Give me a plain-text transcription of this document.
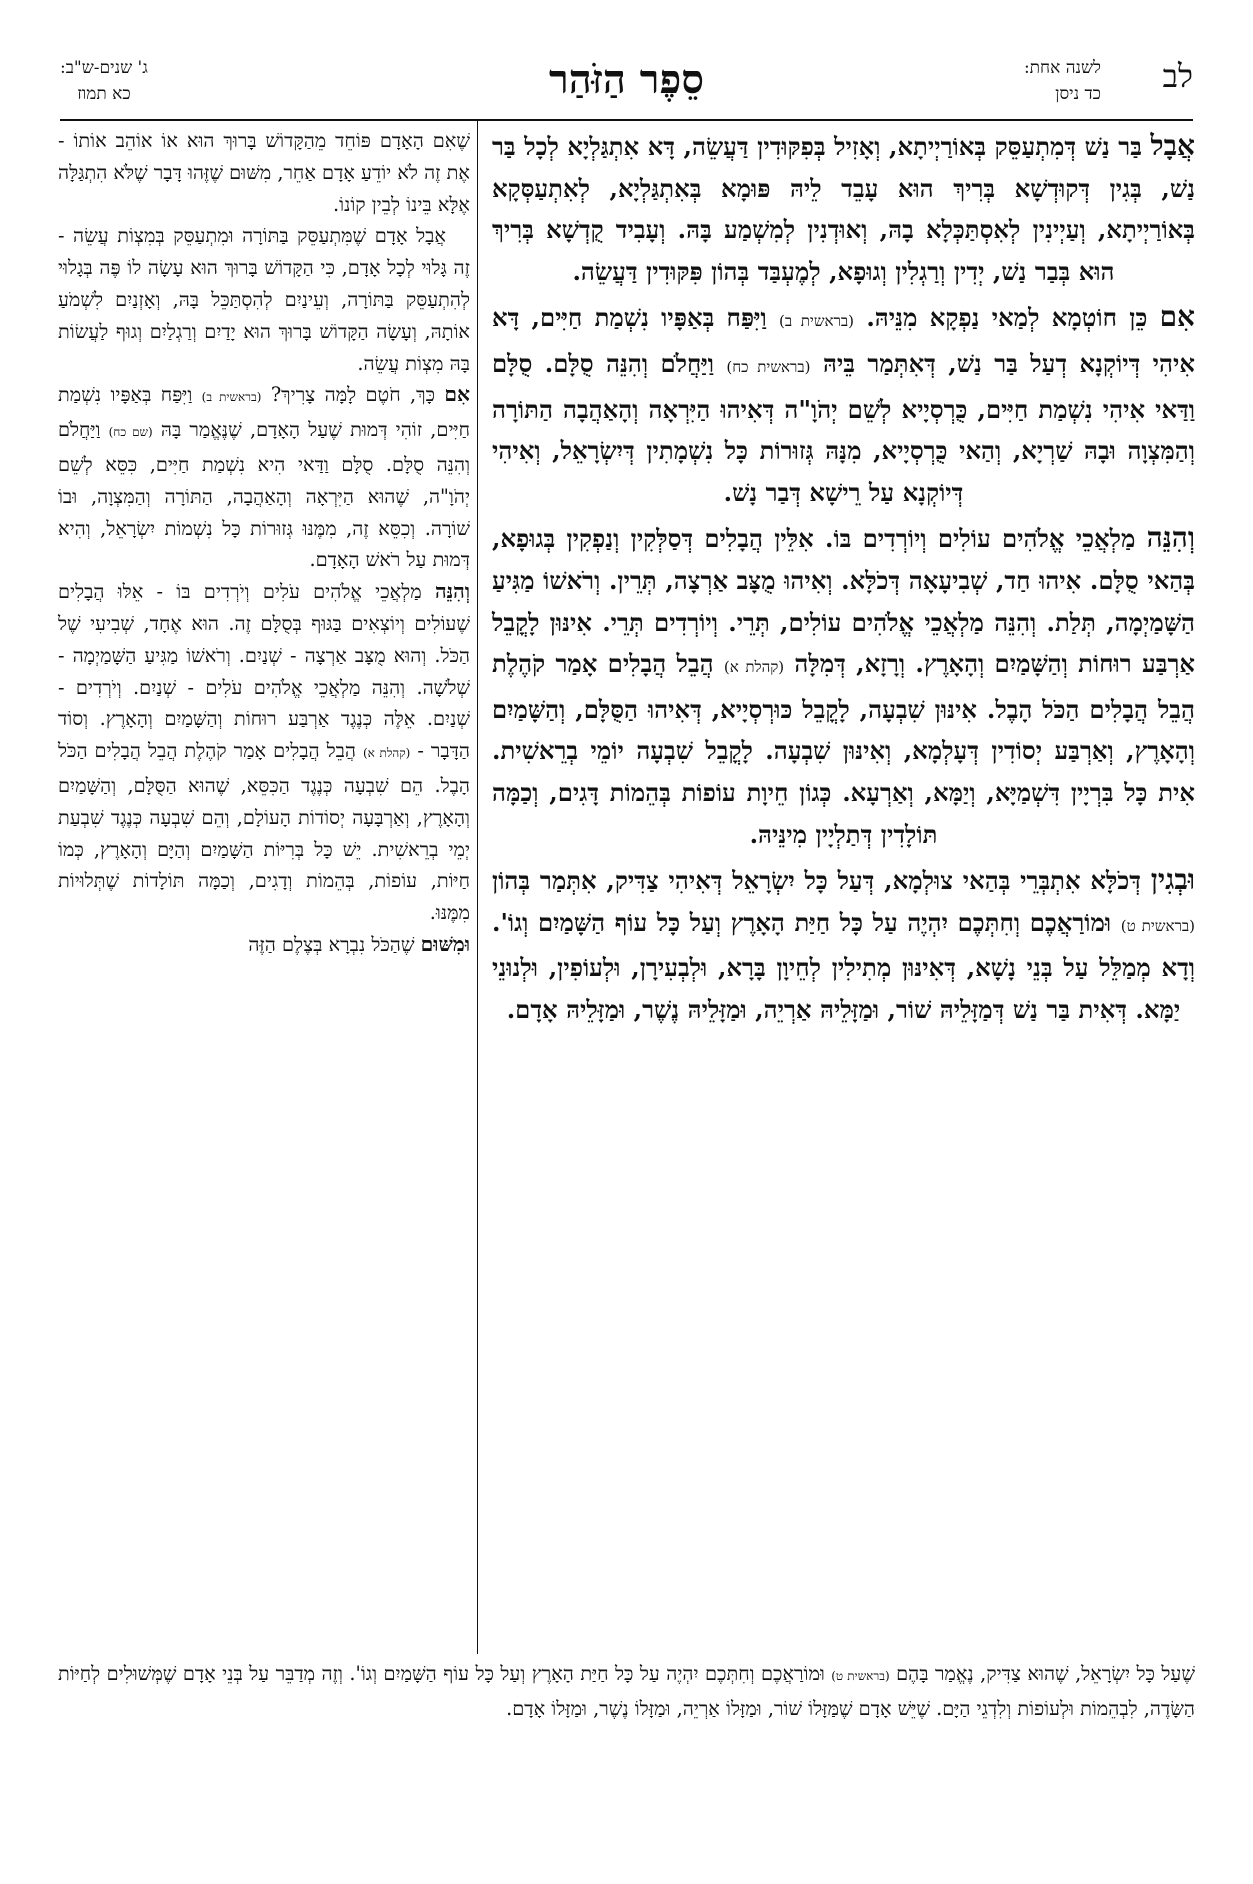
לב
לשנה אחת:
כד ניסן
סֵפֶר הַזֹּהַר
ג' שנים-ש"ב:
כא תמוז

אֲבָל בַּר נַשׁ דְּמִתְעַסֵּק בְּאוֹרַיְיתָא, וְאָזִיל בְּפִקּוּדִין דַּעֲשֵׂה, דָּא אִתְגַּלְיָא לְכָל בַּר נַשׁ, בְּגִין דְּקוּדְשָׁא בְּרִיךְ הוּא עָבֵד לֵיהּ פּוּמָא בְּאִתְגַּלְיָא, לְאִתְעַסְּקָא בְּאוֹרַיְיתָא, וְעַיְינִין לְאִסְתַּכְּלָא בָהּ, וְאוּדְנִין לְמִשְׁמַע בָּהּ. וְעָבִיד קֻדְשָׁא בְּרִיךְ הוּא בְּבַר נַשׁ, יְדִין וְרַגְלִין וְגוּפָא, לְמֶעְבַּד בְּהוֹן פִּקּוּדִין דַּעֲשֵׂה.

אִם כֵּן חוֹטְמָא לְמַאי נַפְקָא מִנֵּיהּ. (בראשית ב) וַיִּפַּח בְּאַפָּיו נִשְׁמַת חַיִּים, דָּא אִיהִי דְּיוֹקְנָא דְעַל בַּר נַשׁ, דְּאִתְּמַר בֵּיהּ (בראשית כח) וַיַּחֲלֹם וְהִנֵּה סֻלָּם. סֻלָּם וַדַּאי אִיהִי נִשְׁמַת חַיִּים, כֻּרְסְיָיא לְשֵׁם יְהֹוָ"ה דְּאִיהוּ הַיִּרְאָה וְהָאַהֲבָה הַתּוֹרָה וְהַמִּצְוָה וּבָהּ שַׁרְיָא, וְהַאי כֻּרְסְיָיא, מִנָּהּ גְּזוּרוֹת כָּל נִשְׁמָתִין דְּיִשְׂרָאֵל, וְאִיהִי דְּיוֹקְנָא עַל רֵישָׁא דְּבַר נָשׁ.

וְהִנֵּה מַלְאֲכֵי אֱלֹהִים עוֹלִים וְיוֹרְדִים בּוֹ. אִלֵּין הֲבָלִים דְּסַלְּקִין וְנַפְקִין בְּגוּפָא, בְּהַאי סֻלָּם. אִיהוּ חַד, שְׁבִיעָאָה דְּכֹלָּא. וְאִיהוּ מֻצָּב אַרְצָה, תְּרֵין. וְרֹאשׁוֹ מַגִּיעַ הַשָּׁמַיְמָה, תְּלַת. וְהִנֵּה מַלְאֲכֵי אֱלֹהִים עוֹלִים, תְּרֵי. וְיוֹרְדִים תְּרֵי. אִינּוּן לָקֳבֵל אַרְבַּע רוּחוֹת וְהַשָּׁמַיִם וְהָאָרֶץ. וְרָזָא, דְּמִלָּה (קהלת א) הֲבֵל הֲבָלִים אָמַר קֹהֶלֶת הֲבֵל הֲבָלִים הַכֹּל הָבֶל. אִינּוּן שִׁבְעָה, לָקֳבֵל כּוּרְסְיָיא, דְּאִיהוּ הַסֻּלָּם, וְהַשָּׁמַיִם וְהָאָרֶץ, וְאַרְבַּע יְסוֹדִין דְּעָלְמָא, וְאִינּוּן שִׁבְעָה. לָקֳבֵל שִׁבְעָה יוֹמֵי בְרֵאשִׁית. אִית כָּל בִּרְיָין דִּשְׁמַיָּא, וְיַמָּא, וְאַרְעָא. כְּגוֹן חֵיוָת עוֹפוֹת בְּהֵמוֹת דָּגִים, וְכַמָּה תּוֹלָדִין דְּתַלְיָין מִינֵּיהּ.

וּבְגִין דְּכֹלָּא אִתְבְּרֵי בְּהַאי צוּלְמָא, דְּעַל כָּל יִשְׂרָאֵל דְּאִיהִי צַדִּיק, אִתְּמַר בְּהוֹן (בראשית ט) וּמוֹרַאֲכֶם וְחִתְּכֶם יִהְיֶה עַל כָּל חַיַּת הָאָרֶץ וְעַל כָּל עוֹף הַשָּׁמַיִם וְגוֹ'. וְדָא מְמַלֵּל עַל בְּנֵי נָשָׁא, דְּאִינּוּן מְתִילִין לְחֵיוָן בָּרָא, וּלְבְעִירָן, וּלְעוֹפִין, וּלְנוּנֵי יַמָּא. דְּאִית בַּר נַשׁ דְּמַזָּלֵיהּ שׁוֹר, וּמַזָּלֵיהּ אַרְיֵה, וּמַזָּלֵיהּ נֶשֶׁר, וּמַזָּלֵיהּ אָדָם.

שֶׁאִם הָאָדָם פּוֹחֵד מֵהַקָּדוֹשׁ בָּרוּךְ הוּא אוֹ אוֹהֵב אוֹתוֹ - אֶת זֶה לֹא יוֹדֵעַ אָדָם אַחֵר, מִשּׁוּם שֶׁזֶּהוּ דָּבָר שֶׁלֹּא הִתְגַּלָּה אֶלָּא בֵּינוֹ לְבֵין קוֹנוֹ.

אֲבָל אָדָם שֶׁמִּתְעַסֵּק בַּתּוֹרָה וּמִתְעַסֵּק בְּמִצְוֹת עֲשֵׂה - זֶה גָּלוּי לְכָל אָדָם, כִּי הַקָּדוֹשׁ בָּרוּךְ הוּא עָשָׂה לוֹ פֶּה בְּגָלוּי לְהִתְעַסֵּק בַּתּוֹרָה, וְעֵינַיִם לְהִסְתַּכֵּל בָּהּ, וְאָזְנַיִם לִשְׁמֹעַ אוֹתָהּ, וְעָשָׂה הַקָּדוֹשׁ בָּרוּךְ הוּא יָדַיִם וְרַגְלַיִם וְגוּף לַעֲשׂוֹת בָּהּ מִצְוֹת עֲשֵׂה.

אִם כָּךְ, חֹטֶם לָמָּה צָרִיךְ? (בראשית ב) וַיִּפַּח בְּאַפָּיו נִשְׁמַת חַיִּים, זוֹהִי דְּמוּת שֶׁעַל הָאָדָם, שֶׁנֶּאֱמַר בָּהּ (שם כח) וַיַּחֲלֹם וְהִנֵּה סֻלָּם. סֻלָּם וַדַּאי הִיא נִשְׁמַת חַיִּים, כִּסֵּא לְשֵׁם יְהֹוָ"ה, שֶׁהוּא הַיִּרְאָה וְהָאַהֲבָה, הַתּוֹרָה וְהַמִּצְוָה, וּבוֹ שׁוֹרָה. וְכִסֵּא זֶה, מִמֶּנּוּ גְּזוּרוֹת כָּל נִשְׁמוֹת יִשְׂרָאֵל, וְהִיא דְּמוּת עַל רֹאשׁ הָאָדָם.

וְהִנֵּה מַלְאֲכֵי אֱלֹהִים עֹלִים וְיֹרְדִים בּוֹ - אֵלּוּ הֲבָלִים שֶׁעוֹלִים וְיוֹצְאִים בַּגּוּף בְּסֻלָּם זֶה. הוּא אֶחָד, שְׁבִיעִי שֶׁל הַכֹּל. וְהוּא מֻצָּב אַרְצָה - שְׁנַיִם. וְרֹאשׁוֹ מַגִּיעַ הַשָּׁמַיְמָה - שְׁלֹשָׁה. וְהִנֵּה מַלְאֲכֵי אֱלֹהִים עֹלִים - שְׁנַיִם. וְיֹרְדִים - שְׁנַיִם. אֵלֶּה כְּנֶגֶד אַרְבַּע רוּחוֹת וְהַשָּׁמַיִם וְהָאָרֶץ. וְסוֹד הַדָּבָר - (קהלת א) הֲבֵל הֲבָלִים אָמַר קֹהֶלֶת הֲבֵל הֲבָלִים הַכֹּל הָבֶל. הֵם שִׁבְעָה כְּנֶגֶד הַכִּסֵּא, שֶׁהוּא הַסֻּלָּם, וְהַשָּׁמַיִם וְהָאָרֶץ, וְאַרְבָּעָה יְסוֹדוֹת הָעוֹלָם, וְהֵם שִׁבְעָה כְּנֶגֶד שִׁבְעַת יְמֵי בְרֵאשִׁית. יֵשׁ כָּל בְּרִיּוֹת הַשָּׁמַיִם וְהַיָּם וְהָאָרֶץ, כְּמוֹ חַיּוֹת, עוֹפוֹת, בְּהֵמוֹת וְדָגִים, וְכַמָּה תּוֹלָדוֹת שֶׁתְּלוּיוֹת מִמֶּנּוּ.

וּמִשּׁוּם שֶׁהַכֹּל נִבְרָא בְּצֶלֶם הַזֶּה

שֶׁעַל כָּל יִשְׂרָאֵל, שֶׁהוּא צַדִּיק, נֶאֱמַר בָּהֶם (בראשית ט) וּמוֹרַאֲכֶם וְחִתְּכֶם יִהְיֶה עַל כָּל חַיַּת הָאָרֶץ וְעַל כָּל עוֹף הַשָּׁמַיִם וְגוֹ'. וְזֶה מְדַבֵּר עַל בְּנֵי אָדָם שֶׁמְּשׁוּלִים לְחַיּוֹת הַשָּׂדֶה, לִבְהֵמוֹת וּלְעוֹפוֹת וְלִדְגֵי הַיָּם. שֶׁיֵּשׁ אָדָם שֶׁמַּזָּלוֹ שׁוֹר, וּמַזָּלוֹ אַרְיֵה, וּמַזָּלוֹ נֶשֶׁר, וּמַזָּלוֹ אָדָם.
